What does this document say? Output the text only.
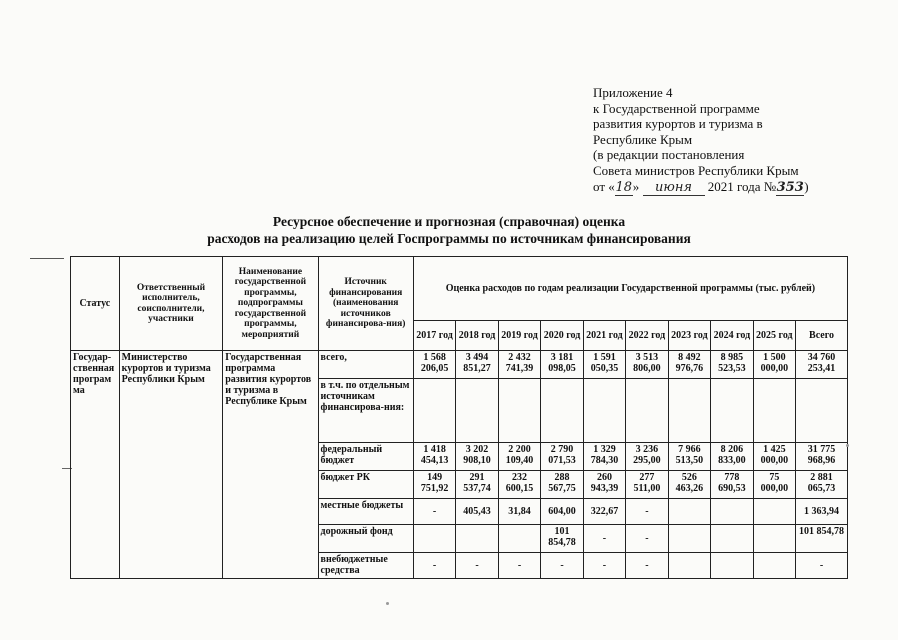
Приложение 4
к Государственной программе
развития курортов и туризма в
Республике Крым
(в редакции постановления
Совета министров Республики Крым
от «18» июня 2021 года №353)
Ресурсное обеспечение и прогнозная (справочная) оценка
расходов на реализацию целей Госпрограммы по источникам финансирования
Статус	Ответственный исполнитель, соисполнители, участники	Наименование государственной программы, подпрограммы государственной программы, мероприятий	Источник финансирования (наименования источников финансирова-ния)	Оценка расходов по годам реализации Государственной программы (тыс. рублей)									
				2017 год	2018 год	2019 год	2020 год	2021 год	2022 год	2023 год	2024 год	2025 год	Всего
Государ-ственная програм ма	Министерство курортов и туризма Республики Крым	Государственная программа развития курортов и туризма в Республике Крым	всего,	1 568 206,05	3 494 851,27	2 432 741,39	3 181 098,05	1 591 050,35	3 513 806,00	8 492 976,76	8 985 523,53	1 500 000,00	34 760 253,41
			в т.ч. по отдельным источникам финансирова-ния:										
			федеральный бюджет	1 418 454,13	3 202 908,10	2 200 109,40	2 790 071,53	1 329 784,30	3 236 295,00	7 966 513,50	8 206 833,00	1 425 000,00	31 775 968,96
			бюджет РК	149 751,92	291 537,74	232 600,15	288 567,75	260 943,39	277 511,00	526 463,26	778 690,53	75 000,00	2 881 065,73
			местные бюджеты	-	405,43	31,84	604,00	322,67	-				1 363,94
			дорожный фонд				101 854,78	-	-				101 854,78
			внебюджетные средства	-	-	-	-	-	-				-
